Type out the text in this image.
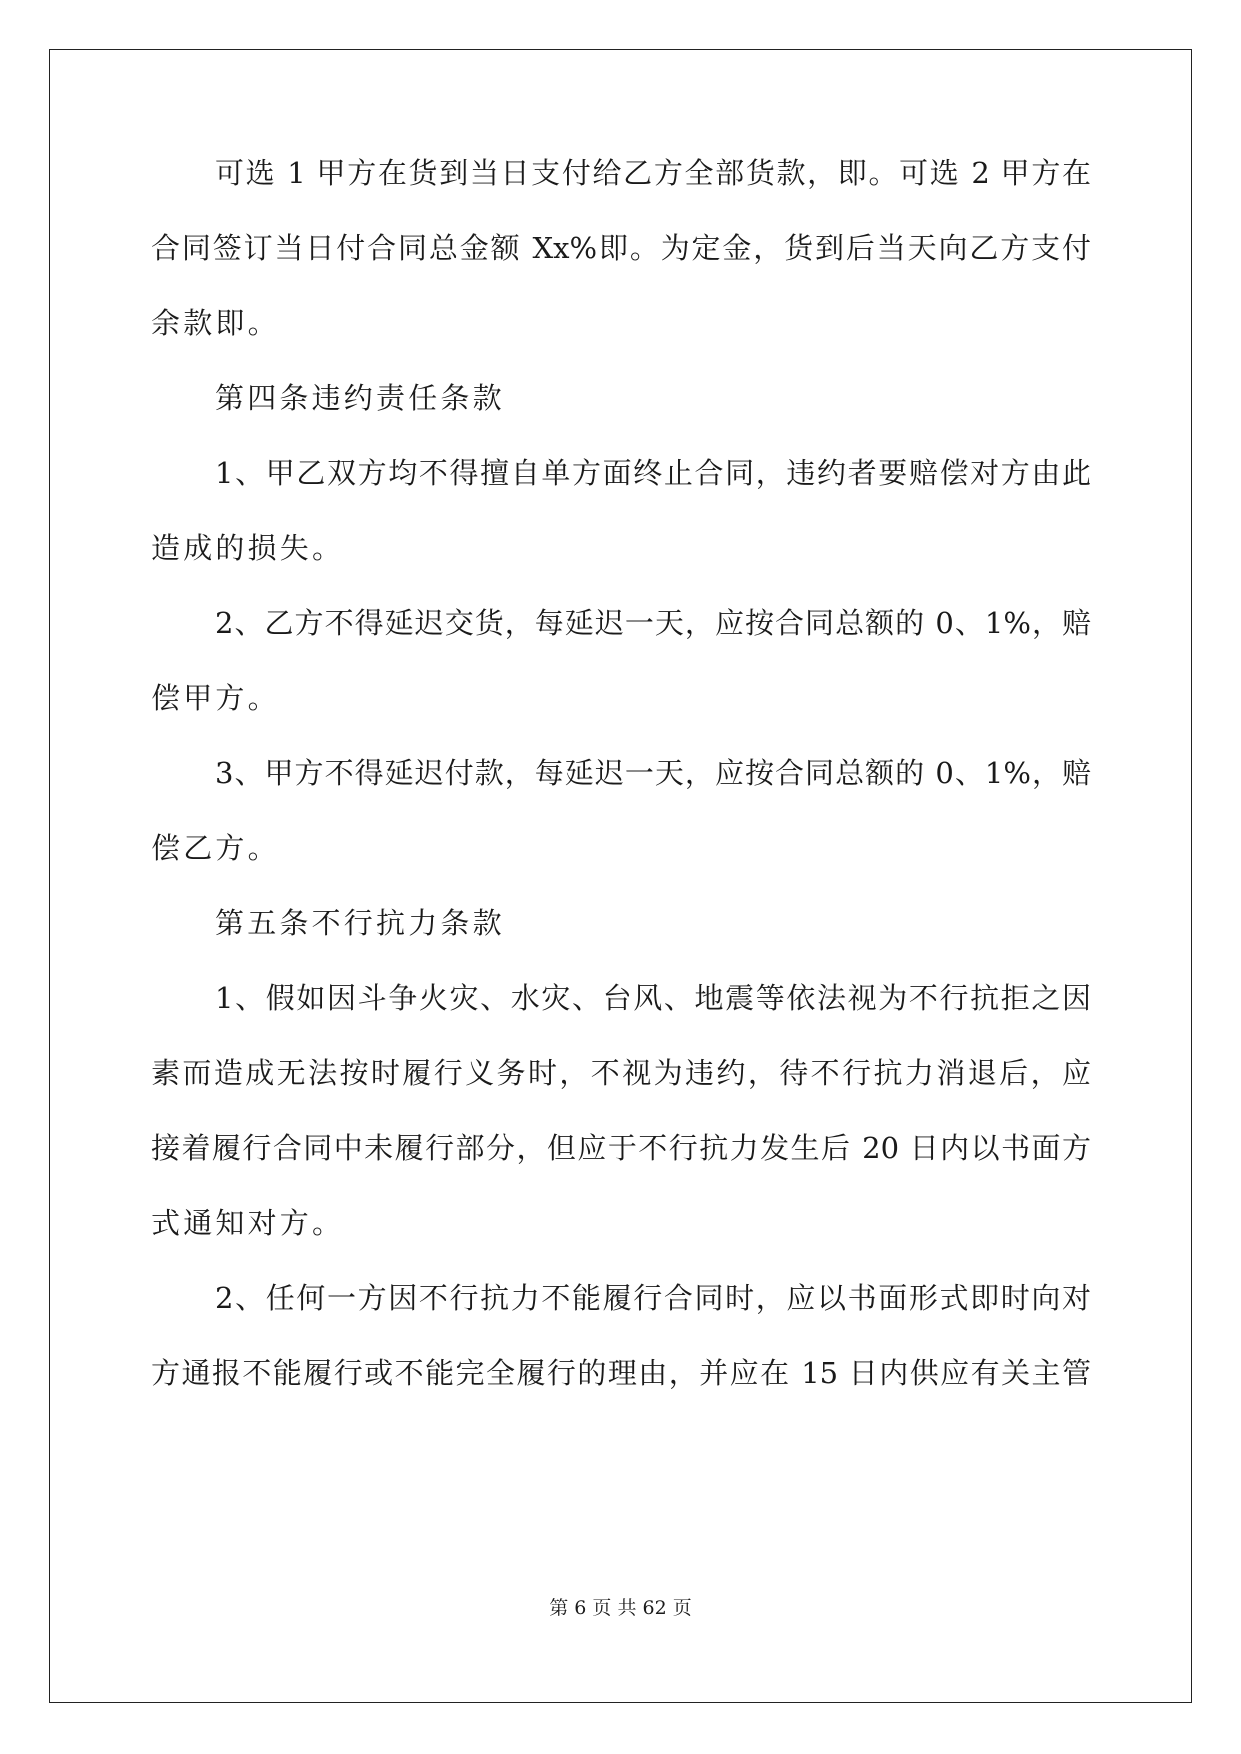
可选 1 甲方在货到当日支付给乙方全部货款，即。可选 2 甲方在
合同签订当日付合同总金额 Xx%即。为定金，货到后当天向乙方支付
余款即。
第四条违约责任条款
1、甲乙双方均不得擅自单方面终止合同，违约者要赔偿对方由此
造成的损失。
2、乙方不得延迟交货，每延迟一天，应按合同总额的 0、1%，赔
偿甲方。
3、甲方不得延迟付款，每延迟一天，应按合同总额的 0、1%，赔
偿乙方。
第五条不行抗力条款
1、假如因斗争火灾、水灾、台风、地震等依法视为不行抗拒之因
素而造成无法按时履行义务时，不视为违约，待不行抗力消退后，应
接着履行合同中未履行部分，但应于不行抗力发生后 20 日内以书面方
式通知对方。
2、任何一方因不行抗力不能履行合同时，应以书面形式即时向对
方通报不能履行或不能完全履行的理由，并应在 15 日内供应有关主管
第 6 页 共 62 页
